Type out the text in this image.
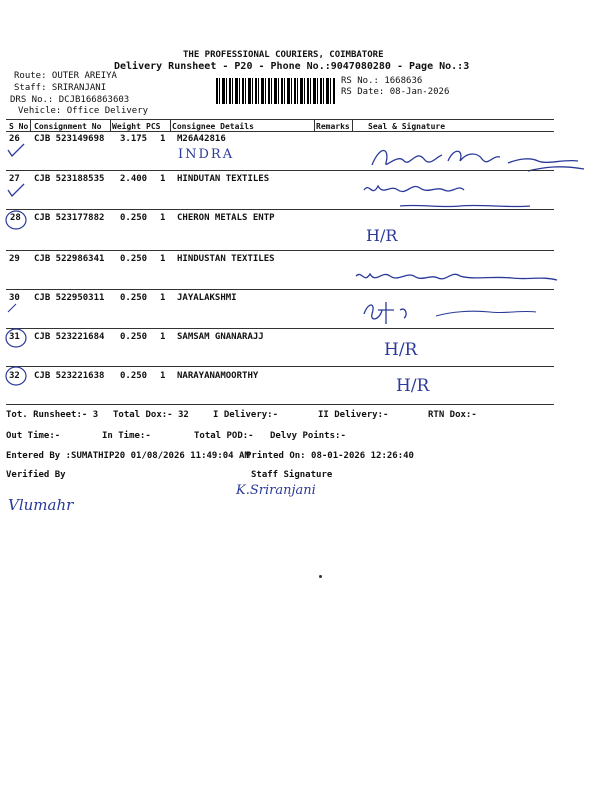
THE PROFESSIONAL COURIERS, COIMBATORE
Delivery Runsheet - P20 - Phone No.:9047080280 - Page No.:3
Route: OUTER AREIYA
Staff: SRIRANJANI
DRS No.: DCJB166863603
Vehicle: Office Delivery
RS No.: 1668636
RS Date: 08-Jan-2026
S No Consignment No Weight PCS Consignee Details	Remarks Seal & Signature
26 CJB 523149698 3.175 1 M26A42816
INDRA
27 CJB 523188535 2.400 1 HINDUTAN TEXTILES
28 CJB 523177882 0.250 1 CHERON METALS ENTP
H/R
29 CJB 522986341 0.250 1 HINDUSTAN TEXTILES
30 CJB 522950311 0.250 1 JAYALAKSHMI
31 CJB 523221684 0.250 1 SAMSAM GNANARAJJ
H/R
32 CJB 523221638 0.250 1 NARAYANAMOORTHY	H/R
Tot. Runsheet:- 3 Total Dox:- 32	I Delivery:-	II Delivery:-	RTN Dox:-
Out Time:-	In Time:-	Total POD:- Delvy Points:-
Entered By :SUMATHIP20 01/08/2026 11:49:04 AM
Printed On: 08-01-2026 12:26:40
Verified By	Staff Signature
Vlumahr
K.Sriranjani
